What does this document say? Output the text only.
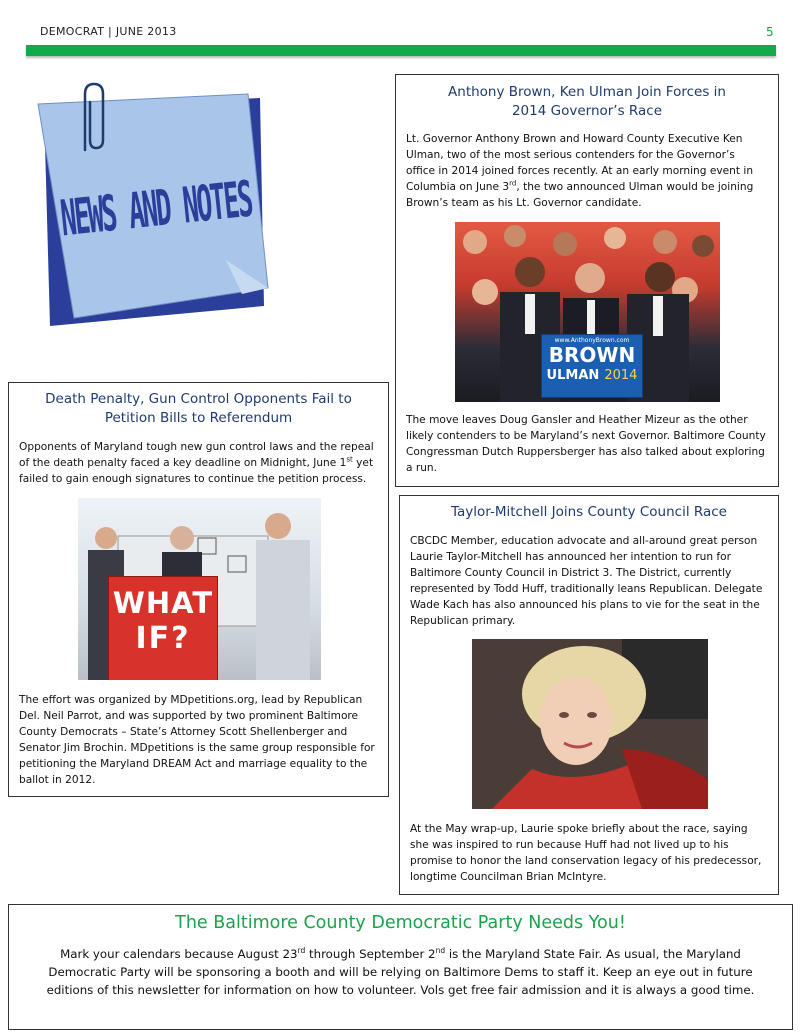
DEMOCRAT | JUNE 2013	5
NEWS AND NOTES
Anthony Brown, Ken Ulman Join Forces in 2014 Governor’s Race
Lt. Governor Anthony Brown and Howard County Executive Ken Ulman, two of the most serious contenders for the Governor’s office in 2014 joined forces recently. At an early morning event in Columbia on June 3rd, the two announced Ulman would be joining Brown’s team as his Lt. Governor candidate.
www.AnthonyBrown.com
BROWN
ULMAN 2014
The move leaves Doug Gansler and Heather Mizeur as the other likely contenders to be Maryland’s next Governor. Baltimore County Congressman Dutch Ruppersberger has also talked about exploring a run.
Death Penalty, Gun Control Opponents Fail to Petition Bills to Referendum
Opponents of Maryland tough new gun control laws and the repeal of the death penalty faced a key deadline on Midnight, June 1st yet failed to gain enough signatures to continue the petition process.
WHAT
IF?
The effort was organized by MDpetitions.org, lead by Republican Del. Neil Parrot, and was supported by two prominent Baltimore County Democrats – State’s Attorney Scott Shellenberger and Senator Jim Brochin. MDpetitions is the same group responsible for petitioning the Maryland DREAM Act and marriage equality to the ballot in 2012.
Taylor-Mitchell Joins County Council Race
CBCDC Member, education advocate and all-around great person Laurie Taylor-Mitchell has announced her intention to run for Baltimore County Council in District 3. The District, currently represented by Todd Huff, traditionally leans Republican. Delegate Wade Kach has also announced his plans to vie for the seat in the Republican primary.
At the May wrap-up, Laurie spoke briefly about the race, saying she was inspired to run because Huff had not lived up to his promise to honor the land conservation legacy of his predecessor, longtime Councilman Brian McIntyre.
The Baltimore County Democratic Party Needs You!
Mark your calendars because August 23rd through September 2nd is the Maryland State Fair. As usual, the Maryland Democratic Party will be sponsoring a booth and will be relying on Baltimore Dems to staff it. Keep an eye out in future editions of this newsletter for information on how to volunteer. Vols get free fair admission and it is always a good time.
